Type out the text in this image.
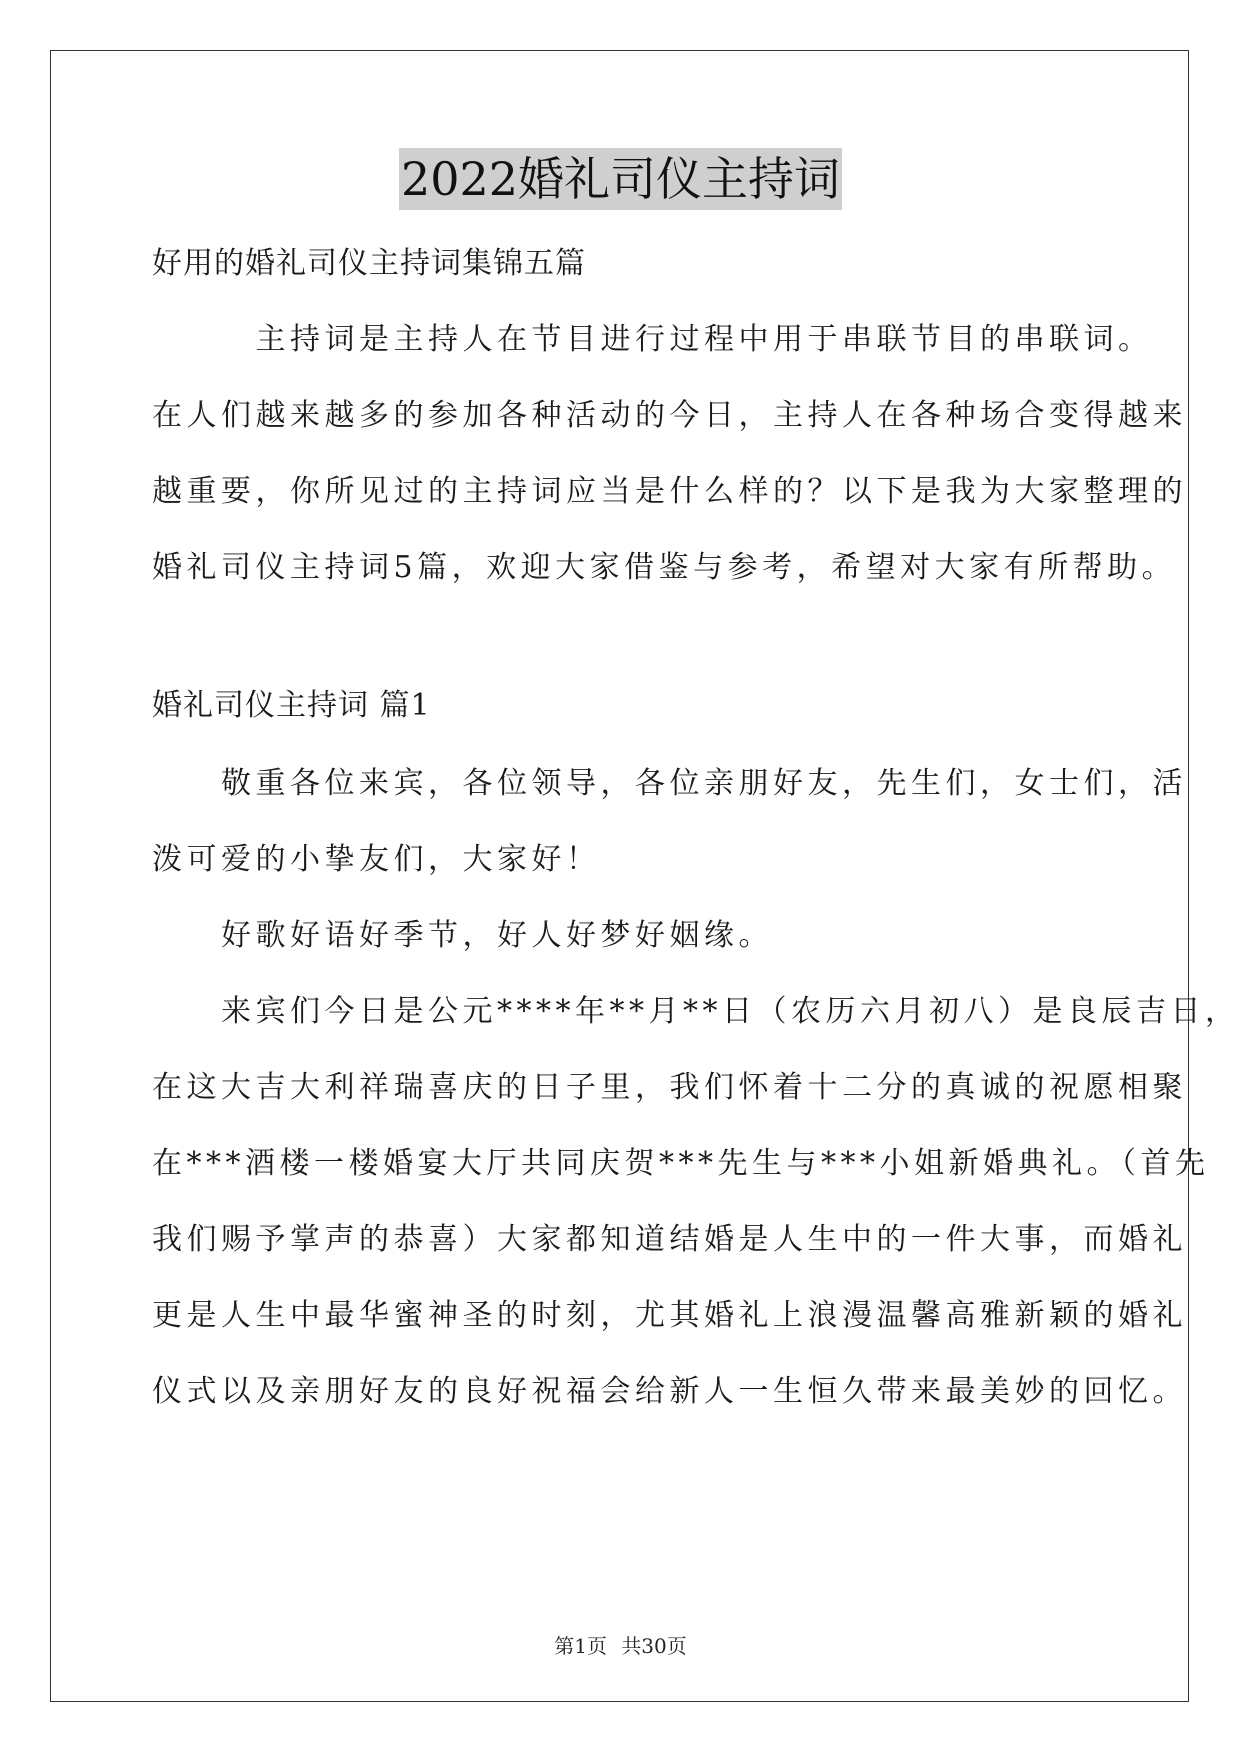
2022婚礼司仪主持词
好用的婚礼司仪主持词集锦五篇
　　　主持词是主持人在节目进行过程中用于串联节目的串联词。
在人们越来越多的参加各种活动的今日，主持人在各种场合变得越来
越重要，你所见过的主持词应当是什么样的？以下是我为大家整理的
婚礼司仪主持词5篇，欢迎大家借鉴与参考，希望对大家有所帮助。
婚礼司仪主持词 篇1
　　敬重各位来宾，各位领导，各位亲朋好友，先生们，女士们，活
泼可爱的小挚友们，大家好！
　　好歌好语好季节，好人好梦好姻缘。
　　来宾们今日是公元****年**月**日（农历六月初八）是良辰吉日，
在这大吉大利祥瑞喜庆的日子里，我们怀着十二分的真诚的祝愿相聚
在***酒楼一楼婚宴大厅共同庆贺***先生与***小姐新婚典礼。（首先
我们赐予掌声的恭喜）大家都知道结婚是人生中的一件大事，而婚礼
更是人生中最华蜜神圣的时刻，尤其婚礼上浪漫温馨高雅新颖的婚礼
仪式以及亲朋好友的良好祝福会给新人一生恒久带来最美妙的回忆。
第1页 共30页
